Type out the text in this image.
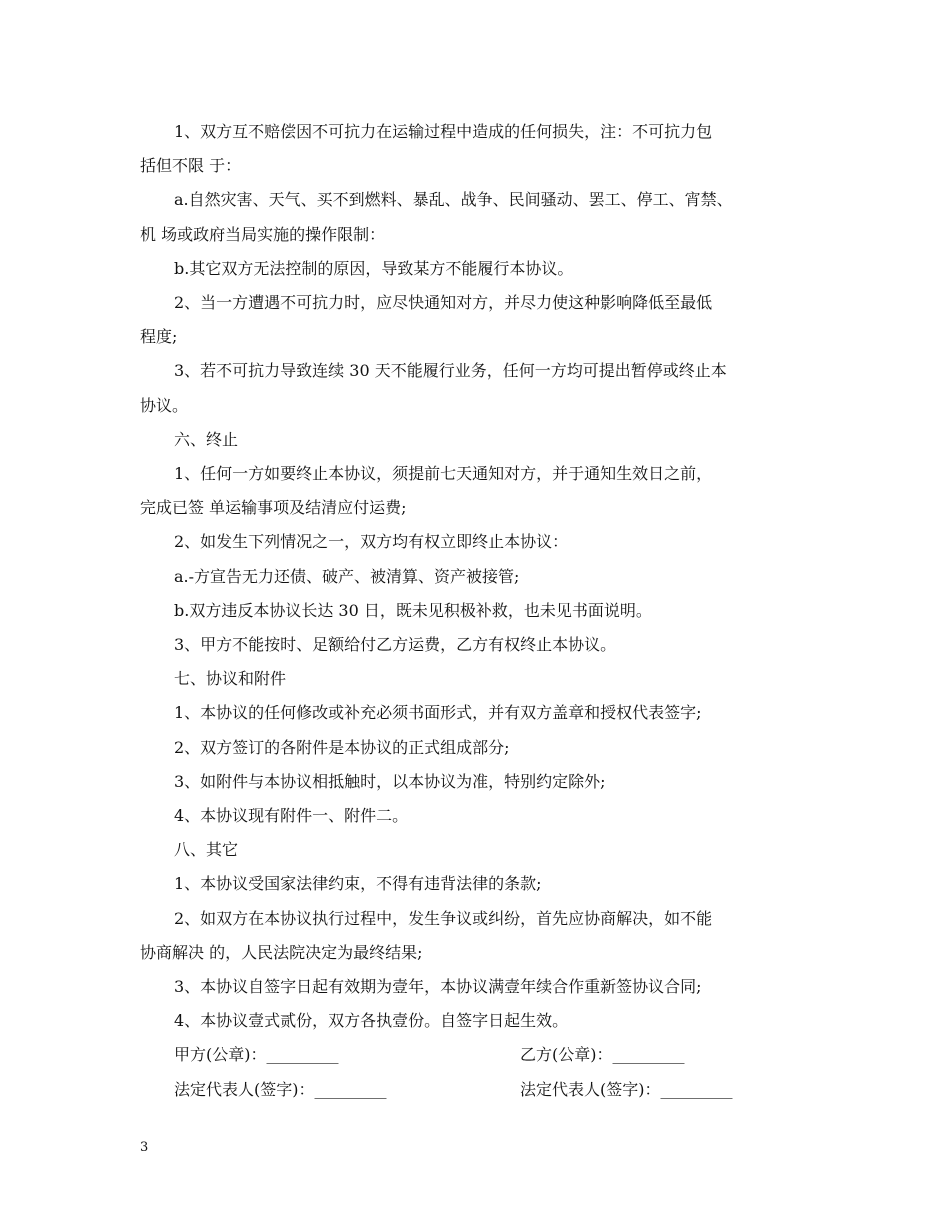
1、双方互不赔偿因不可抗力在运输过程中造成的任何损失，注：不可抗力包

括但不限 于：

a.自然灾害、天气、买不到燃料、暴乱、战争、民间骚动、罢工、停工、宵禁、

机 场或政府当局实施的操作限制：

b.其它双方无法控制的原因，导致某方不能履行本协议。

2、当一方遭遇不可抗力时，应尽快通知对方，并尽力使这种影响降低至最低

程度;

3、若不可抗力导致连续 30 天不能履行业务，任何一方均可提出暂停或终止本

协议。

六、终止

1、任何一方如要终止本协议，须提前七天通知对方，并于通知生效日之前，

完成已签 单运输事项及结清应付运费;

2、如发生下列情况之一，双方均有权立即终止本协议：

a.-方宣告无力还债、破产、被清算、资产被接管;

b.双方违反本协议长达 30 日，既未见积极补救，也未见书面说明。

3、甲方不能按时、足额给付乙方运费，乙方有权终止本协议。

七、协议和附件

1、本协议的任何修改或补充必须书面形式，并有双方盖章和授权代表签字;

2、双方签订的各附件是本协议的正式组成部分;

3、如附件与本协议相抵触时，以本协议为准，特别约定除外;

4、本协议现有附件一、附件二。

八、其它

1、本协议受国家法律约束，不得有违背法律的条款;

2、如双方在本协议执行过程中，发生争议或纠纷，首先应协商解决，如不能

协商解决 的，人民法院决定为最终结果;

3、本协议自签字日起有效期为壹年，本协议满壹年续合作重新签协议合同;

4、本协议壹式贰份，双方各执壹份。自签字日起生效。

甲方(公章)：_________	乙方(公章)：_________
法定代表人(签字)：_________	法定代表人(签字)：_________
3
